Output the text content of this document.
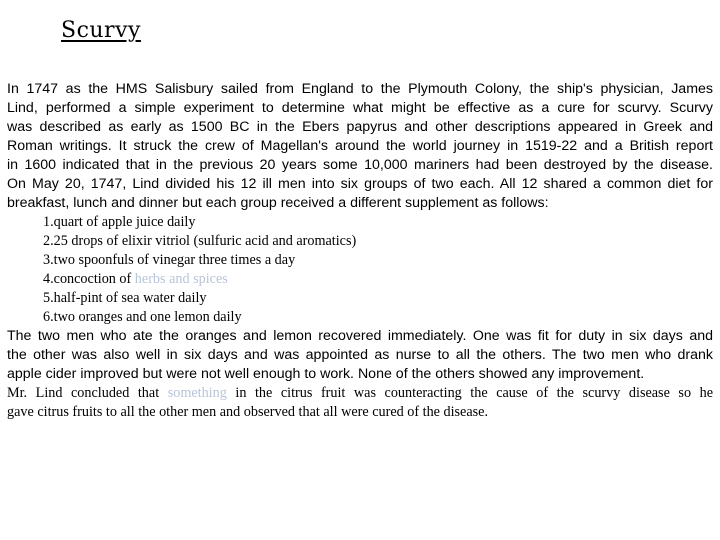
Scurvy
In 1747 as the HMS Salisbury sailed from England to the Plymouth Colony, the ship's physician, James
Lind, performed a simple experiment to determine what might be effective as a cure for scurvy. Scurvy
was described as early as 1500 BC in the Ebers papyrus and other descriptions appeared in Greek and
Roman writings. It struck the crew of Magellan's around the world journey in 1519-22 and a British report
in 1600 indicated that in the previous 20 years some 10,000 mariners had been destroyed by the disease.
On May 20, 1747, Lind divided his 12 ill men into six groups of two each. All 12 shared a common diet for
breakfast, lunch and dinner but each group received a different supplement as follows:
1.quart of apple juice daily
2.25 drops of elixir vitriol (sulfuric acid and aromatics)
3.two spoonfuls of vinegar three times a day
4.concoction of herbs and spices
5.half-pint of sea water daily
6.two oranges and one lemon daily
The two men who ate the oranges and lemon recovered immediately. One was fit for duty in six days and
the other was also well in six days and was appointed as nurse to all the others. The two men who drank
apple cider improved but were not well enough to work. None of the others showed any improvement.
Mr. Lind concluded that something in the citrus fruit was counteracting the cause of the scurvy disease so he
gave citrus fruits to all the other men and observed that all were cured of the disease.
